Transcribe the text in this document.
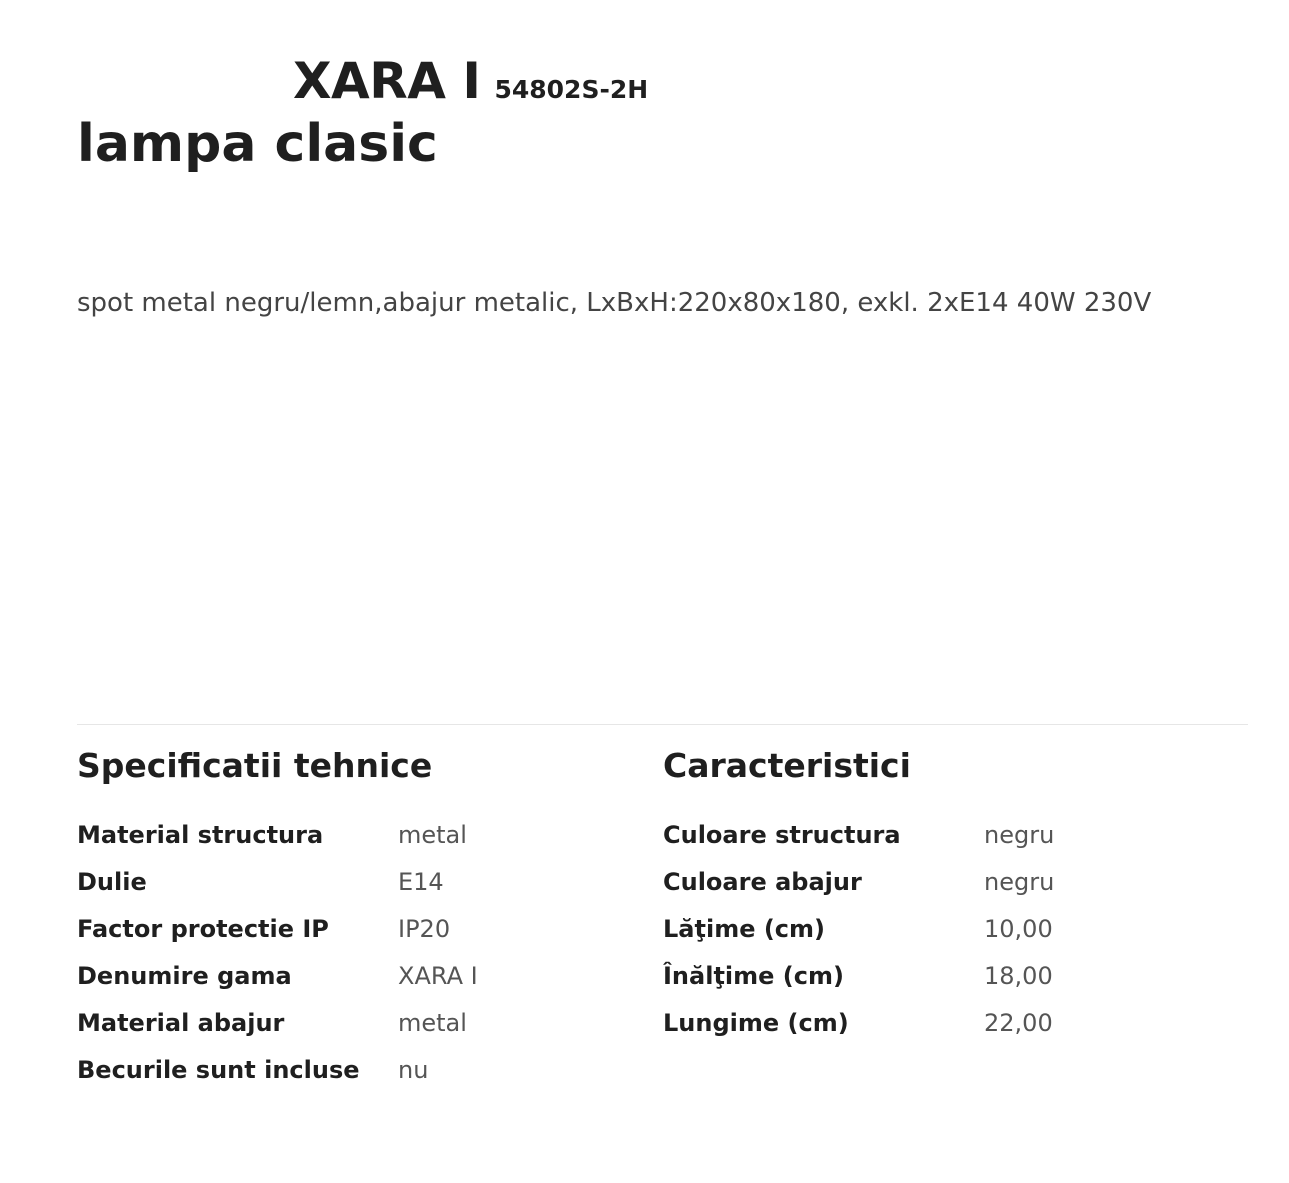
XARA I 54802S-2H
lampa clasic
spot metal negru/lemn,abajur metalic, LxBxH:220x80x180, exkl. 2xE14 40W 230V
Specificatii tehnice
Material structura	metal
Dulie	E14
Factor protectie IP	IP20
Denumire gama	XARA I
Material abajur	metal
Becurile sunt incluse	nu
Caracteristici
Culoare structura	negru
Culoare abajur	negru
Lăţime (cm)	10,00
Înălţime (cm)	18,00
Lungime (cm)	22,00
